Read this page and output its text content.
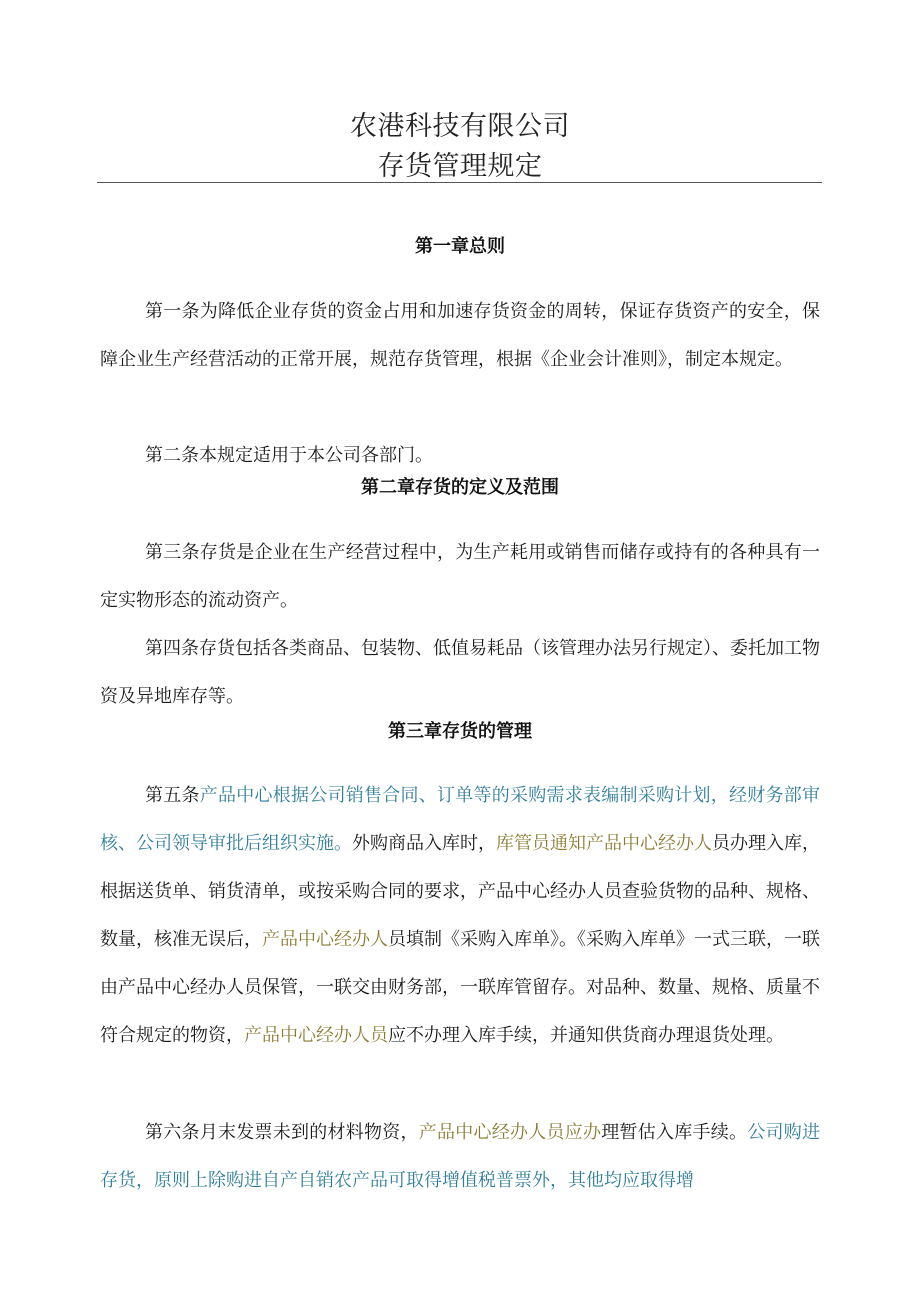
农港科技有限公司
存货管理规定
第一章总则

第一条为降低企业存货的资金占用和加速存货资金的周转，保证存货资产的安全，保障企业生产经营活动的正常开展，规范存货管理，根据《企业会计准则》，制定本规定。

第二条本规定适用于本公司各部门。

第二章存货的定义及范围

第三条存货是企业在生产经营过程中，为生产耗用或销售而储存或持有的各种具有一定实物形态的流动资产。

第四条存货包括各类商品、包装物、低值易耗品（该管理办法另行规定）、委托加工物资及异地库存等。

第三章存货的管理

第五条产品中心根据公司销售合同、订单等的采购需求表编制采购计划，经财务部审核、公司领导审批后组织实施。外购商品入库时，库管员通知产品中心经办人员办理入库，根据送货单、销货清单，或按采购合同的要求，产品中心经办人员查验货物的品种、规格、数量，核准无误后，产品中心经办人员填制《采购入库单》。《采购入库单》一式三联，一联由产品中心经办人员保管，一联交由财务部，一联库管留存。对品种、数量、规格、质量不符合规定的物资，产品中心经办人员应不办理入库手续，并通知供货商办理退货处理。

第六条月末发票未到的材料物资，产品中心经办人员应办理暂估入库手续。公司购进存货，原则上除购进自产自销农产品可取得增值税普票外，其他均应取得增
